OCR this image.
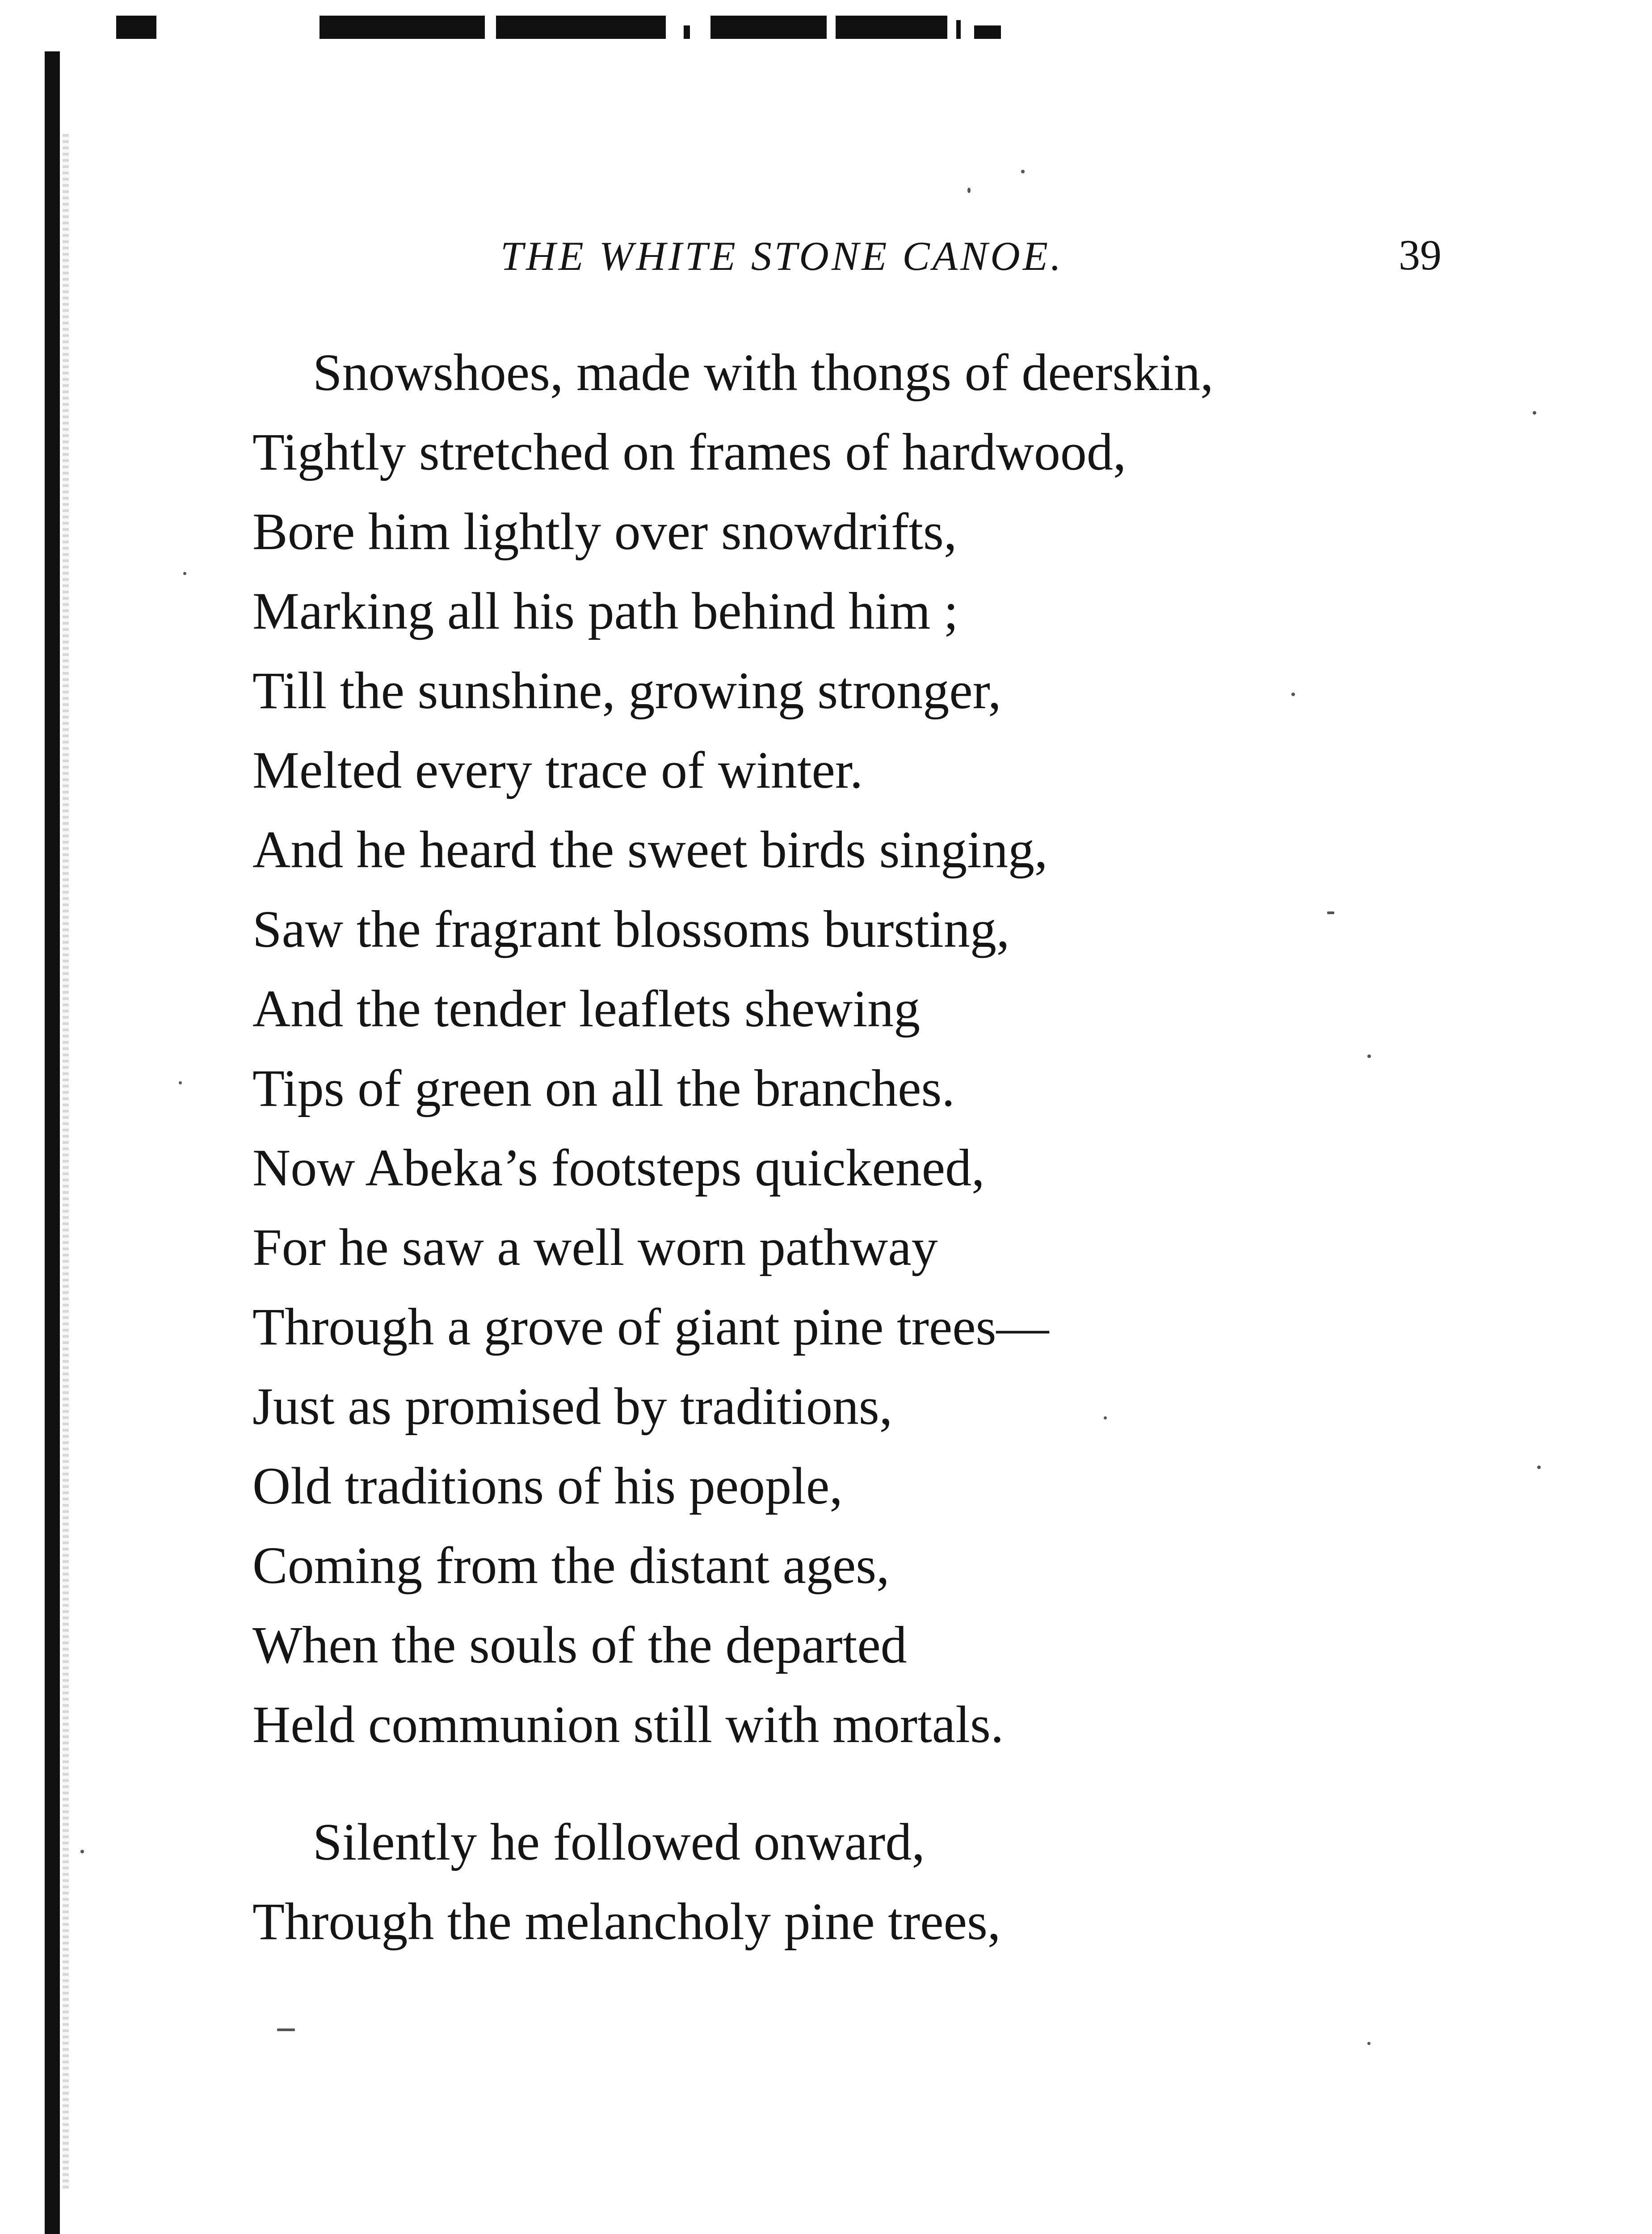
THE WHITE STONE CANOE.	39
Snowshoes, made with thongs of deerskin,
Tightly stretched on frames of hardwood,
Bore him lightly over snowdrifts,
Marking all his path behind him ;
Till the sunshine, growing stronger,
Melted every trace of winter.
And he heard the sweet birds singing,
Saw the fragrant blossoms bursting,
And the tender leaflets shewing
Tips of green on all the branches.
Now Abeka’s footsteps quickened,
For he saw a well worn pathway
Through a grove of giant pine trees—
Just as promised by traditions,
Old traditions of his people,
Coming from the distant ages,
When the souls of the departed
Held communion still with mortals.
Silently he followed onward,
Through the melancholy pine trees,
